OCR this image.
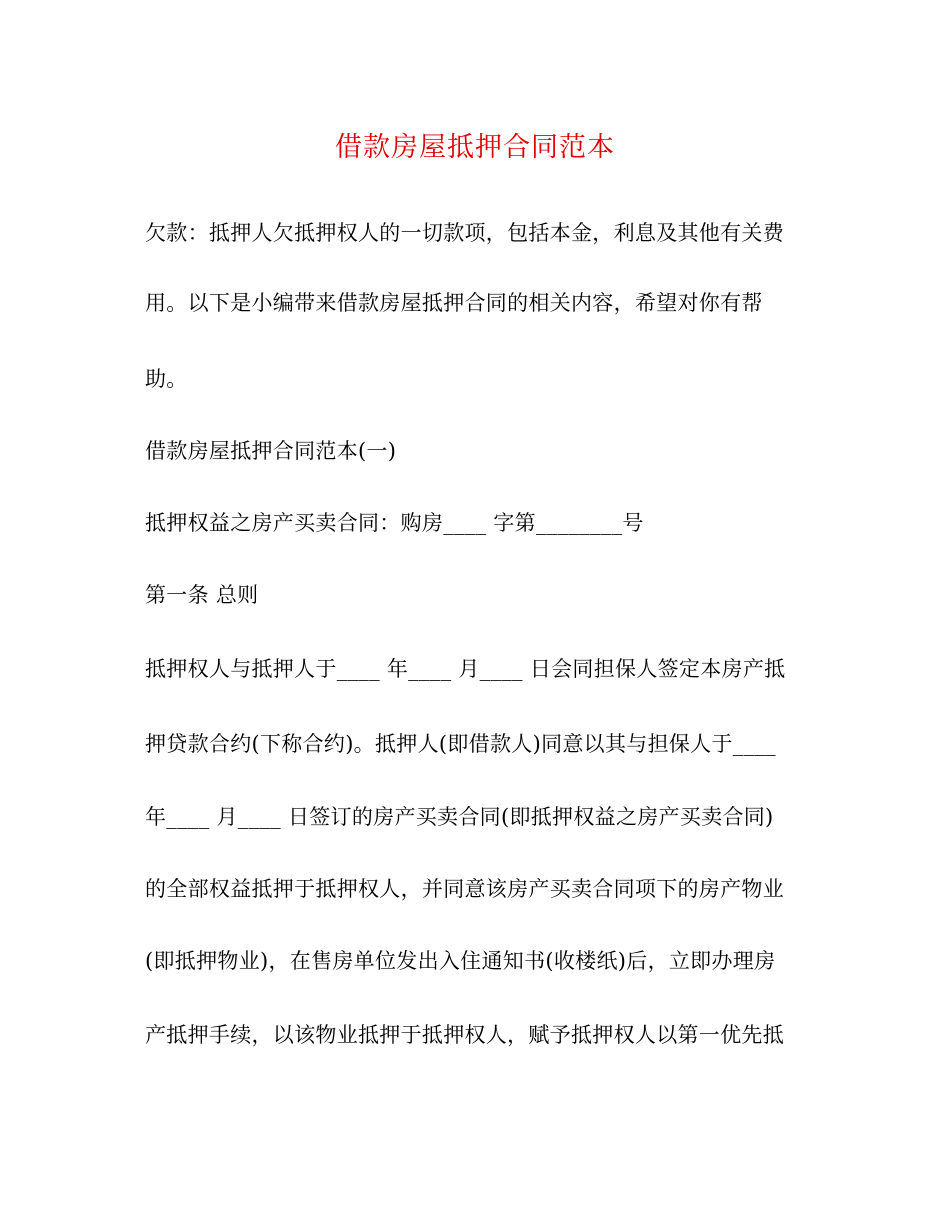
借款房屋抵押合同范本
欠款：抵押人欠抵押权人的一切款项，包括本金，利息及其他有关费
用。以下是小编带来借款房屋抵押合同的相关内容，希望对你有帮
助。
借款房屋抵押合同范本(一)
抵押权益之房产买卖合同：购房____ 字第________号
第一条 总则
抵押权人与抵押人于____ 年____ 月____ 日会同担保人签定本房产抵
押贷款合约(下称合约)。抵押人(即借款人)同意以其与担保人于____
年____ 月____ 日签订的房产买卖合同(即抵押权益之房产买卖合同)
的全部权益抵押于抵押权人，并同意该房产买卖合同项下的房产物业
(即抵押物业)，在售房单位发出入住通知书(收楼纸)后，立即办理房
产抵押手续，以该物业抵押于抵押权人，赋予抵押权人以第一优先抵
